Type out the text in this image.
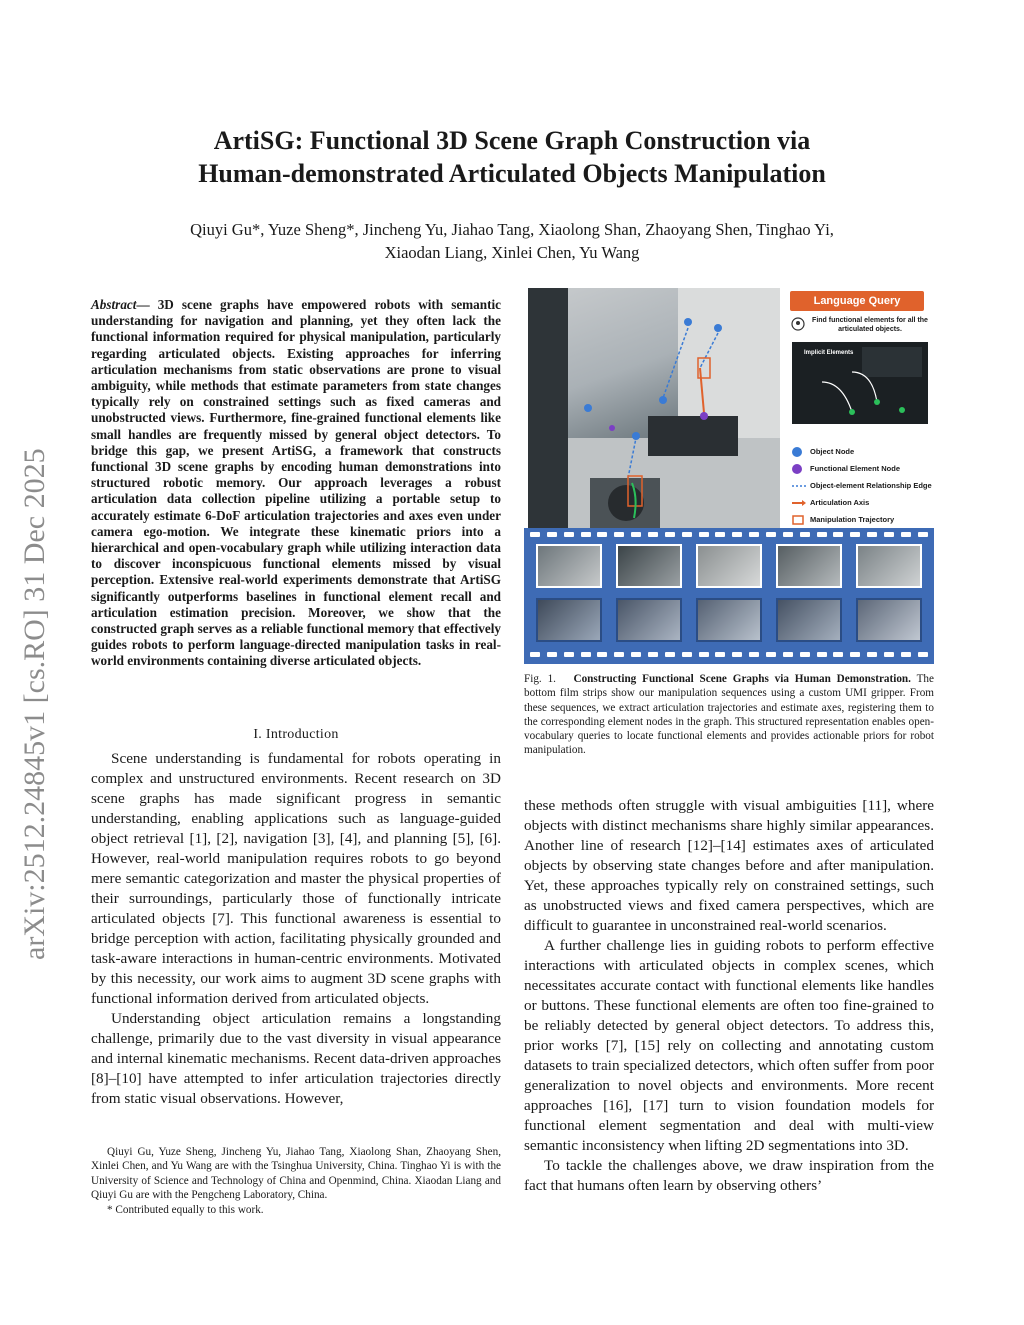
arXiv:2512.24845v1 [cs.RO] 31 Dec 2025
ArtiSG: Functional 3D Scene Graph Construction via
Human-demonstrated Articulated Objects Manipulation
Qiuyi Gu*, Yuze Sheng*, Jincheng Yu, Jiahao Tang, Xiaolong Shan, Zhaoyang Shen, Tinghao Yi,
Xiaodan Liang, Xinlei Chen, Yu Wang
Abstract— 3D scene graphs have empowered robots with semantic understanding for navigation and planning, yet they often lack the functional information required for physical manipulation, particularly regarding articulated objects. Existing approaches for inferring articulation mechanisms from static observations are prone to visual ambiguity, while methods that estimate parameters from state changes typically rely on constrained settings such as fixed cameras and unobstructed views. Furthermore, fine-grained functional elements like small handles are frequently missed by general object detectors. To bridge this gap, we present ArtiSG, a framework that constructs functional 3D scene graphs by encoding human demonstrations into structured robotic memory. Our approach leverages a robust articulation data collection pipeline utilizing a portable setup to accurately estimate 6-DoF articulation trajectories and axes even under camera ego-motion. We integrate these kinematic priors into a hierarchical and open-vocabulary graph while utilizing interaction data to discover inconspicuous functional elements missed by visual perception. Extensive real-world experiments demonstrate that ArtiSG significantly outperforms baselines in functional element recall and articulation estimation precision. Moreover, we show that the constructed graph serves as a reliable functional memory that effectively guides robots to perform language-directed manipulation tasks in real-world environments containing diverse articulated objects.
I. Introduction

Scene understanding is fundamental for robots operating in complex and unstructured environments. Recent research on 3D scene graphs has made significant progress in semantic understanding, enabling applications such as language-guided object retrieval [1], [2], navigation [3], [4], and planning [5], [6]. However, real-world manipulation requires robots to go beyond mere semantic categorization and master the physical properties of their surroundings, particularly those of functionally intricate articulated objects [7]. This functional awareness is essential to bridge perception with action, facilitating physically grounded and task-aware interactions in human-centric environments. Motivated by this necessity, our work aims to augment 3D scene graphs with functional information derived from articulated objects.

Understanding object articulation remains a longstanding challenge, primarily due to the vast diversity in visual appearance and internal kinematic mechanisms. Recent data-driven approaches [8]–[10] have attempted to infer articulation trajectories directly from static visual observations. However,

Qiuyi Gu, Yuze Sheng, Jincheng Yu, Jiahao Tang, Xiaolong Shan, Zhaoyang Shen, Xinlei Chen, and Yu Wang are with the Tsinghua University, China. Tinghao Yi is with the University of Science and Technology of China and Openmind, China. Xiaodan Liang and Qiuyi Gu are with the Pengcheng Laboratory, China.

* Contributed equally to this work.

Language Query
Find functional elements for all the articulated objects.
Implicit Elements
Object Node
Functional Element Node
Object-element Relationship Edge
Articulation Axis
Manipulation Trajectory
Fig. 1. Constructing Functional Scene Graphs via Human Demonstration. The bottom film strips show our manipulation sequences using a custom UMI gripper. From these sequences, we extract articulation trajectories and estimate axes, registering them to the corresponding element nodes in the graph. This structured representation enables open-vocabulary queries to locate functional elements and provides actionable priors for robot manipulation.

these methods often struggle with visual ambiguities [11], where objects with distinct mechanisms share highly similar appearances. Another line of research [12]–[14] estimates axes of articulated objects by observing state changes before and after manipulation. Yet, these approaches typically rely on constrained settings, such as unobstructed views and fixed camera perspectives, which are difficult to guarantee in unconstrained real-world scenarios.

A further challenge lies in guiding robots to perform effective interactions with articulated objects in complex scenes, which necessitates accurate contact with functional elements like handles or buttons. These functional elements are often too fine-grained to be reliably detected by general object detectors. To address this, prior works [7], [15] rely on collecting and annotating custom datasets to train specialized detectors, which often suffer from poor generalization to novel objects and environments. More recent approaches [16], [17] turn to vision foundation models for functional element segmentation and deal with multi-view semantic inconsistency when lifting 2D segmentations into 3D.

To tackle the challenges above, we draw inspiration from the fact that humans often learn by observing others’
